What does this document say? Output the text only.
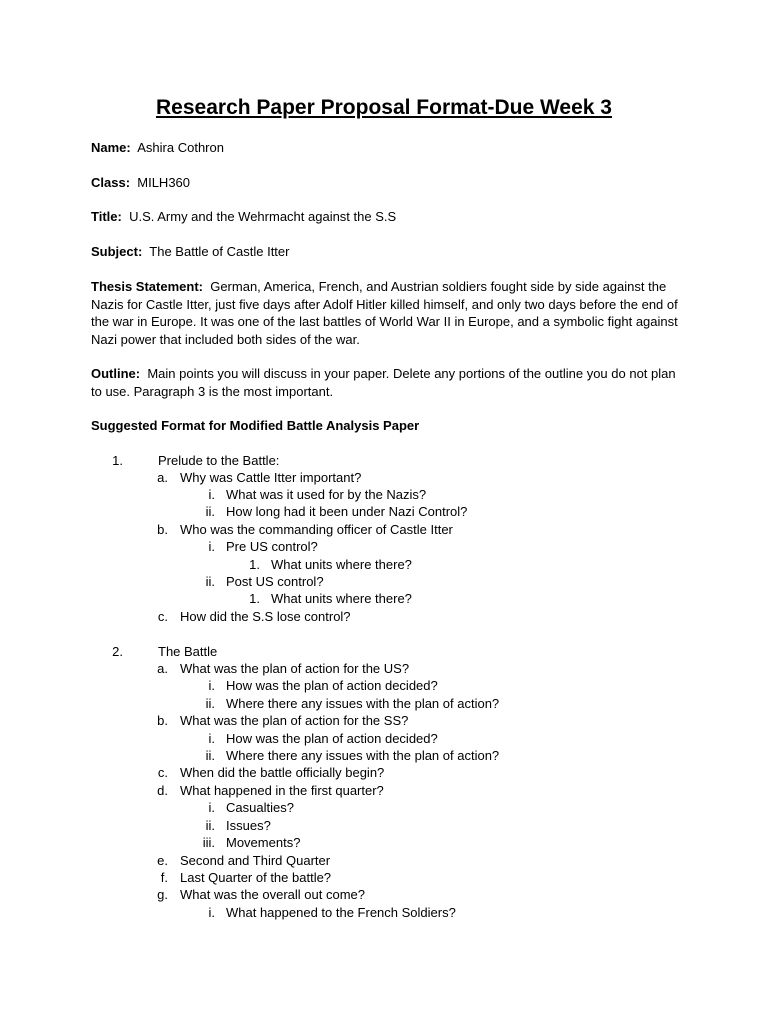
Research Paper Proposal Format-Due Week 3
Name: Ashira Cothron
Class: MILH360
Title: U.S. Army and the Wehrmacht against the S.S
Subject: The Battle of Castle Itter
Thesis Statement: German, America, French, and Austrian soldiers fought side by side against the Nazis for Castle Itter, just five days after Adolf Hitler killed himself, and only two days before the end of the war in Europe. It was one of the last battles of World War II in Europe, and a symbolic fight against Nazi power that included both sides of the war.
Outline: Main points you will discuss in your paper. Delete any portions of the outline you do not plan to use. Paragraph 3 is the most important.
Suggested Format for Modified Battle Analysis Paper
1.	Prelude to the Battle:
a. Why was Cattle Itter important?
i. What was it used for by the Nazis?
ii. How long had it been under Nazi Control?
b. Who was the commanding officer of Castle Itter
i. Pre US control?
1. What units where there?
ii. Post US control?
1. What units where there?
c. How did the S.S lose control?
2.	The Battle
a. What was the plan of action for the US?
i. How was the plan of action decided?
ii. Where there any issues with the plan of action?
b. What was the plan of action for the SS?
i. How was the plan of action decided?
ii. Where there any issues with the plan of action?
c. When did the battle officially begin?
d. What happened in the first quarter?
i. Casualties?
ii. Issues?
iii. Movements?
e. Second and Third Quarter
f. Last Quarter of the battle?
g. What was the overall out come?
i. What happened to the French Soldiers?
